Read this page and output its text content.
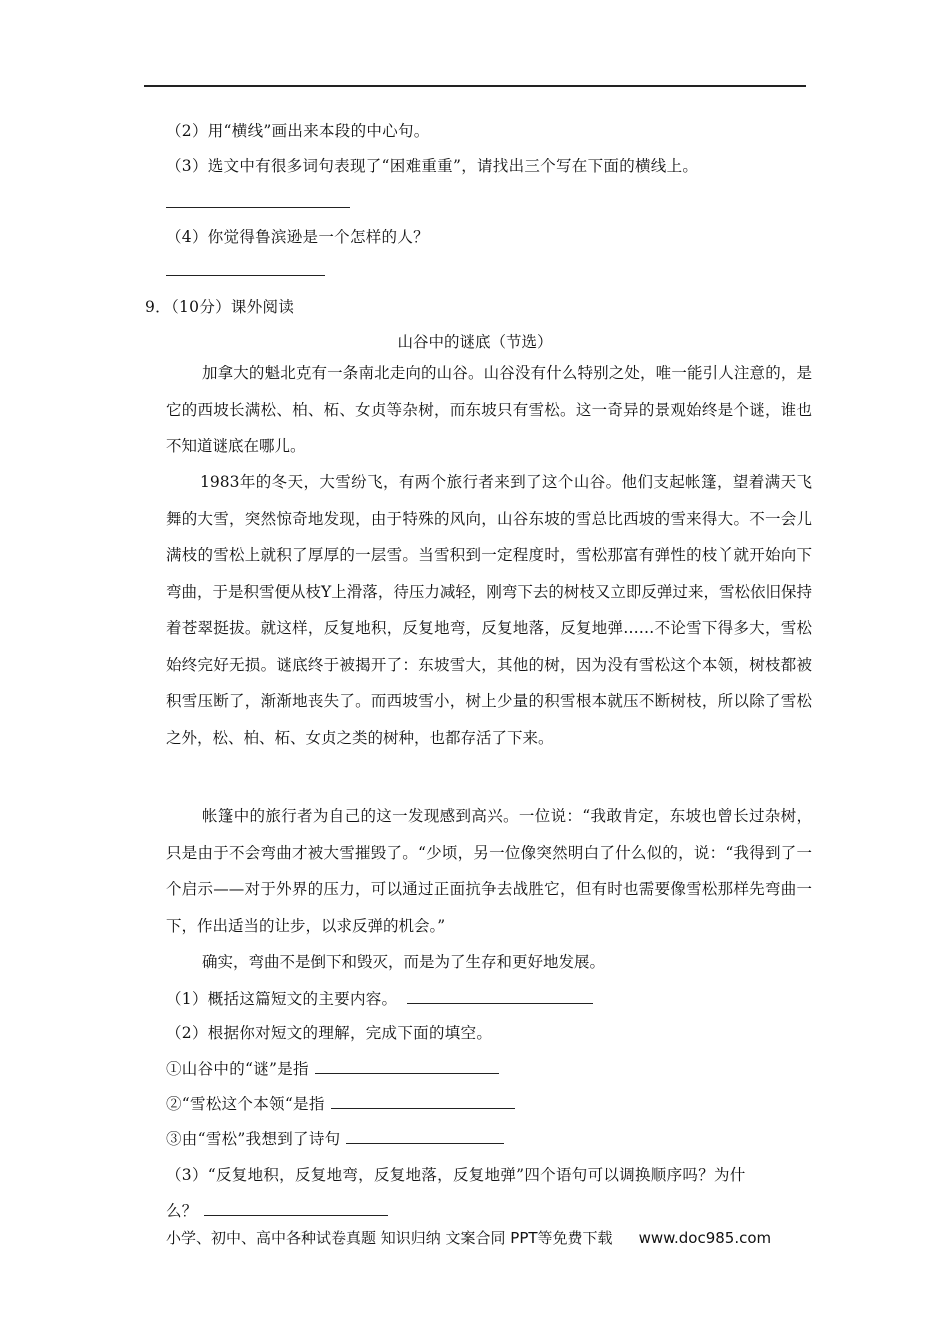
（2）用“横线”画出来本段的中心句。
（3）选文中有很多词句表现了“困难重重”，请找出三个写在下面的横线上。
（4）你觉得鲁滨逊是一个怎样的人？
9．（10分）课外阅读
山谷中的谜底（节选）
加拿大的魁北克有一条南北走向的山谷。山谷没有什么特别之处，唯一能引人注意的，是它的西坡长满松、柏、柘、女贞等杂树，而东坡只有雪松。这一奇异的景观始终是个谜，谁也不知道谜底在哪儿。
1983年的冬天，大雪纷飞，有两个旅行者来到了这个山谷。他们支起帐篷，望着满天飞舞的大雪，突然惊奇地发现，由于特殊的风向，山谷东坡的雪总比西坡的雪来得大。不一会儿满枝的雪松上就积了厚厚的一层雪。当雪积到一定程度时，雪松那富有弹性的枝丫就开始向下弯曲，于是积雪便从枝Y上滑落，待压力减轻，刚弯下去的树枝又立即反弹过来，雪松依旧保持着苍翠挺拔。就这样，反复地积，反复地弯，反复地落，反复地弹……不论雪下得多大，雪松始终完好无损。谜底终于被揭开了：东坡雪大，其他的树，因为没有雪松这个本领，树枝都被积雪压断了，渐渐地丧失了。而西坡雪小，树上少量的积雪根本就压不断树枝，所以除了雪松之外，松、柏、柘、女贞之类的树种，也都存活了下来。
帐篷中的旅行者为自己的这一发现感到高兴。一位说：“我敢肯定，东坡也曾长过杂树，只是由于不会弯曲才被大雪摧毁了。“少顷，另一位像突然明白了什么似的，说：“我得到了一个启示——对于外界的压力，可以通过正面抗争去战胜它，但有时也需要像雪松那样先弯曲一下，作出适当的让步，以求反弹的机会。”
确实，弯曲不是倒下和毁灭，而是为了生存和更好地发展。
（1）概括这篇短文的主要内容。
（2）根据你对短文的理解，完成下面的填空。
①山谷中的“谜”是指
②“雪松这个本领“是指
③由“雪松”我想到了诗句
（3）“反复地积，反复地弯，反复地落，反复地弹”四个语句可以调换顺序吗？为什
么？
小学、初中、高中各种试卷真题 知识归纳 文案合同 PPT等免费下载 www.doc985.com
